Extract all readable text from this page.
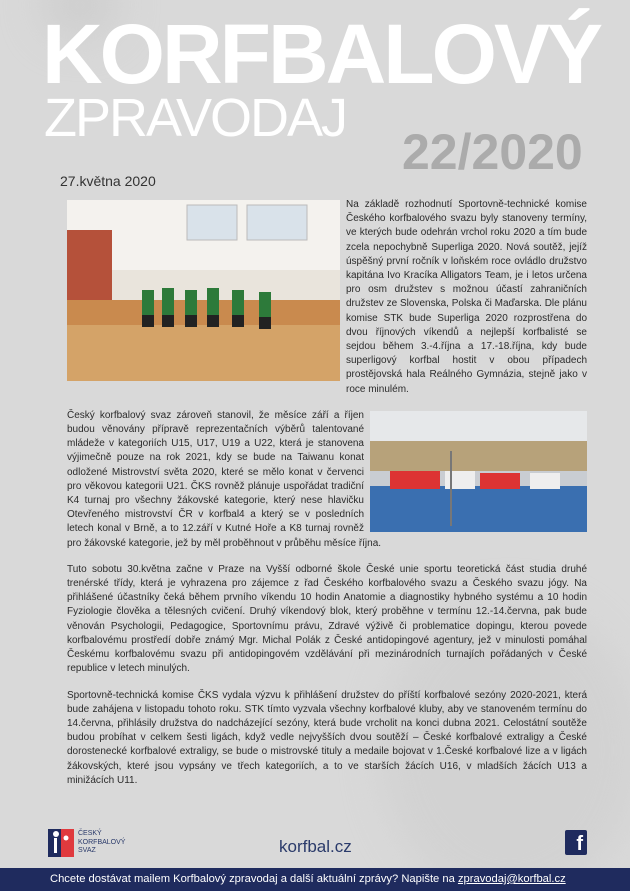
KORFBALOVÝ
ZPRAVODAJ
22/2020
27.května 2020
Na základě rozhodnutí Sportovně-technické komise Českého korfbalového svazu byly stanoveny termíny, ve kterých bude odehrán vrchol roku 2020 a tím bude zcela nepochybně Superliga 2020. Nová soutěž, jejíž úspěšný první ročník v loňském roce ovládlo družstvo kapitána Ivo Kracíka Alligators Team, je i letos určena pro osm družstev s možnou účastí zahraničních družstev ze Slovenska, Polska či Maďarska. Dle plánu komise STK bude Superliga 2020 rozprostřena do dvou říjnových víkendů a nejlepší korfbalisté se sejdou během 3.-4.října a 17.-18.října, kdy bude superligový korfbal hostit v obou případech prostějovská hala Reálného Gymnázia, stejně jako v roce minulém.
Český korfbalový svaz zároveň stanovil, že měsíce září a říjen budou věnovány přípravě reprezentačních výběrů talentované mládeže v kategoriích U15, U17, U19 a U22, která je stanovena výjimečně pouze na rok 2021, kdy se bude na Taiwanu konat odložené Mistrovství světa 2020, které se mělo konat v červenci pro věkovou kategorii U21. ČKS rovněž plánuje uspořádat tradiční K4 turnaj pro všechny žákovské kategorie, který nese hlavičku Otevřeného mistrovství ČR v korfbal4 a který se v posledních letech konal v Brně, a to 12.září v Kutné Hoře a K8 turnaj rovněž pro žákovské kategorie, jež by měl proběhnout v průběhu měsíce října.
Tuto sobotu 30.května začne v Praze na Vyšší odborné škole České unie sportu teoretická část studia druhé trenérské třídy, která je vyhrazena pro zájemce z řad Českého korfbalového svazu a Českého svazu jógy. Na přihlášené účastníky čeká během prvního víkendu 10 hodin Anatomie a diagnostiky hybného systému a 10 hodin Fyziologie člověka a tělesných cvičení. Druhý víkendový blok, který proběhne v termínu 12.-14.června, pak bude věnován Psychologii, Pedagogice, Sportovnímu právu, Zdravé výživě či problematice dopingu, kterou povede korfbalovému prostředí dobře známý Mgr. Michal Polák z České antidopingové agentury, jež v minulosti pomáhal Českému korfbalovému svazu při antidopingovém vzdělávání při mezinárodních turnajích pořádaných v České republice v letech minulých.
Sportovně-technická komise ČKS vydala výzvu k přihlášení družstev do příští korfbalové sezóny 2020-2021, která bude zahájena v listopadu tohoto roku. STK tímto vyzvala všechny korfbalové kluby, aby ve stanoveném termínu do 14.června, přihlásily družstva do nadcházející sezóny, která bude vrcholit na konci dubna 2021. Celostátní soutěže budou probíhat v celkem šesti ligách, když vedle nejvyšších dvou soutěží – České korfbalové extraligy a České dorostenecké korfbalové extraligy, se bude o mistrovské tituly a medaile bojovat v 1.České korfbalové lize a v ligách žákovských, které jsou vypsány ve třech kategoriích, a to ve starších žácích U16, v mladších žácích U13 a minižácích U11.
ČESKÝ
KORFBALOVÝ
SVAZ	korfbal.cz	f
Chcete dostávat mailem Korfbalový zpravodaj a další aktuální zprávy? Napište na zpravodaj@korfbal.cz
